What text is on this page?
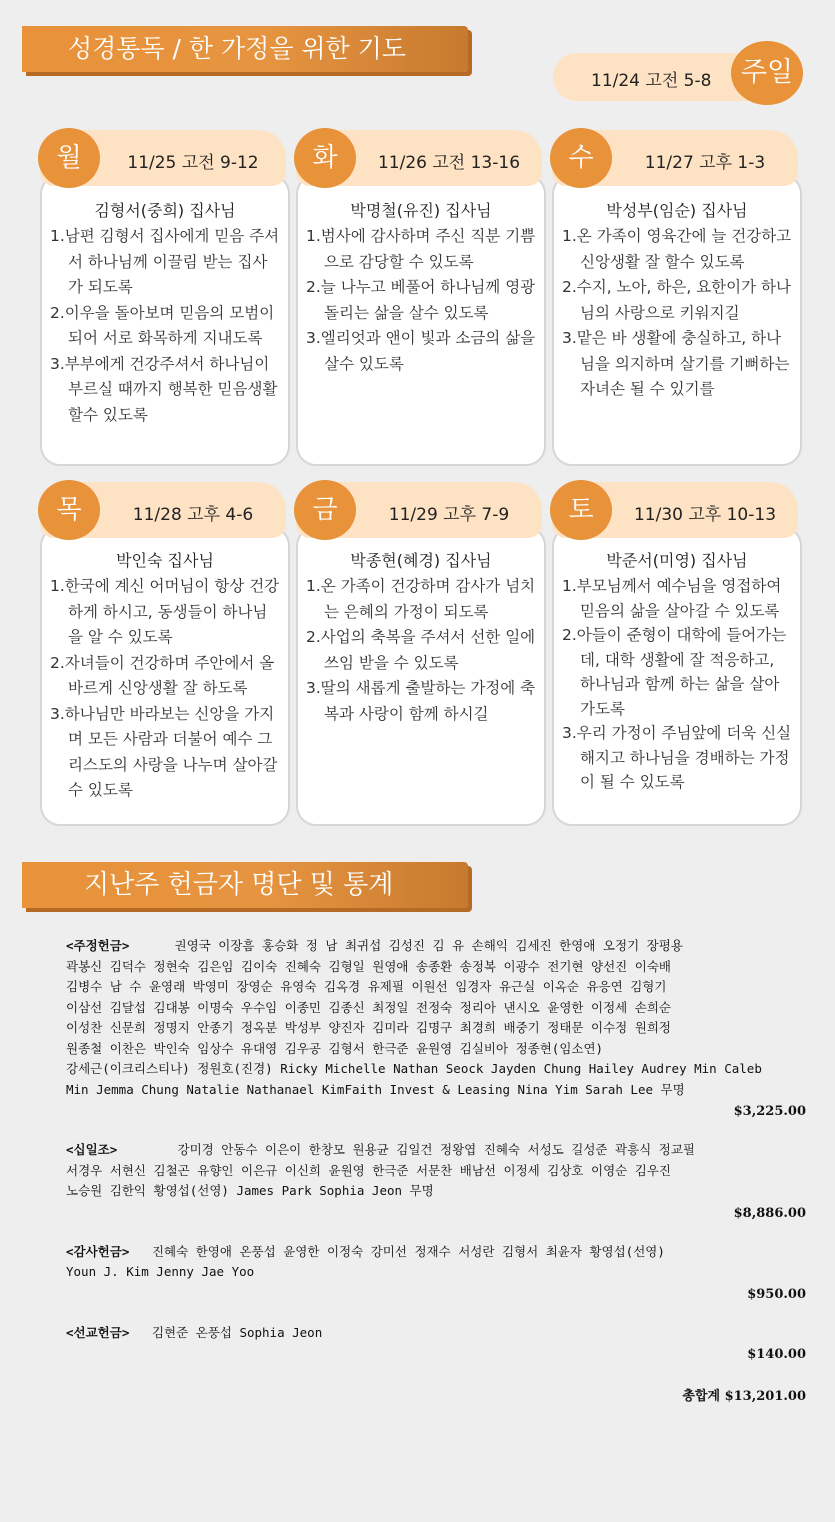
성경통독 / 한 가정을 위한 기도
11/24 고전 5-8	주일
김형서(중희) 집사님
1.남편 김형서 집사에게 믿음 주셔서 하나님께 이끌림 받는 집사가 되도록
2.이우을 돌아보며 믿음의 모범이 되어 서로 화목하게 지내도록
3.부부에게 건강주셔서 하나님이 부르실 때까지 행복한 믿음생활 할수 있도록
11/25 고전 9-12
월
박명철(유진) 집사님
1.범사에 감사하며 주신 직분 기쁨으로 감당할 수 있도록
2.늘 나누고 베풀어 하나님께 영광돌리는 삶을 살수 있도록
3.엘리엇과 앤이 빛과 소금의 삶을 살수 있도록
11/26 고전 13-16
화
박성부(임순) 집사님
1.온 가족이 영육간에 늘 건강하고 신앙생활 잘 할수 있도록
2.수지, 노아, 하은, 요한이가 하나님의 사랑으로 키워지길
3.맡은 바 생활에 충실하고, 하나님을 의지하며 살기를 기뻐하는 자녀손 될 수 있기를
11/27 고후 1-3
수
박인숙 집사님
1.한국에 계신 어머님이 항상 건강하게 하시고, 동생들이 하나님을 알 수 있도록
2.자녀들이 건강하며 주안에서 올바르게 신앙생활 잘 하도록
3.하나님만 바라보는 신앙을 가지며 모든 사람과 더불어 예수 그리스도의 사랑을 나누며 살아갈 수 있도록
11/28 고후 4-6
목
박종현(혜경) 집사님
1.온 가족이 건강하며 감사가 넘치는 은혜의 가정이 되도록
2.사업의 축복을 주셔서 선한 일에 쓰임 받을 수 있도록
3.딸의 새롭게 출발하는 가정에 축복과 사랑이 함께 하시길
11/29 고후 7-9
금
박준서(미영) 집사님
1.부모님께서 예수님을 영접하여 믿음의 삶을 살아갈 수 있도록
2.아들이 준형이 대학에 들어가는데, 대학 생활에 잘 적응하고, 하나님과 함께 하는 삶을 살아가도록
3.우리 가정이 주님앞에 더욱 신실해지고 하나님을 경배하는 가정이 될 수 있도록
11/30 고후 10-13
토
지난주 헌금자 명단 및 통계
<주정헌금>	권영국 이장흠 홍승화 정 남 최귀섭 김성진 김 유 손해익 김세진 한영애 오정기 장평용
곽봉신 김덕수 정현숙 김은임 김이숙 진혜숙 김형일 원영애 송종환 송정복 이광수 전기현 양선진 이숙배
김병수 남 수 윤영래 박영미 장영순 유영숙 김옥경 유제필 이원선 임경자 유근실 이옥순 유응연 김형기
이삼선 김달섭 김대봉 이명숙 우수임 이종민 김종신 최정일 전정숙 정리아 낸시오 윤영한 이정세 손희순
이성찬 신문희 정명지 안종기 정옥분 박성부 양진자 김미라 김명구 최경희 배중기 정태문 이수정 원희정
원종철 이찬은 박인숙 임상수 유대영 김우공 김형서 한극준 윤원영 김실비아 정종현(임소연)
강세근(이크리스티나) 정원호(진경) Ricky Michelle Nathan Seock Jayden Chung Hailey Audrey Min Caleb
Min Jemma Chung Natalie Nathanael KimFaith Invest & Leasing Nina Yim Sarah Lee 무명
$3,225.00
<십일조>	강미경 안동수 이은이 한창모 원용균 김일건 정왕엽 진혜숙 서성도 길성준 곽흥식 정교필
서경우 서현신 김철곤 유향인 이은규 이신희 윤원영 한극준 서문찬 배남선 이정세 김상호 이영순 김우진
노승원 김한익 황영섭(선영) James Park Sophia Jeon 무명
$8,886.00
<감사헌금> 진혜숙 한영애 온풍섭 윤영한 이정숙 강미선 정재수 서성란 김형서 최윤자 황영섭(선영)
Youn J. Kim Jenny Jae Yoo
$950.00
<선교헌금> 김현준 온풍섭 Sophia Jeon
$140.00
총합계 $13,201.00
